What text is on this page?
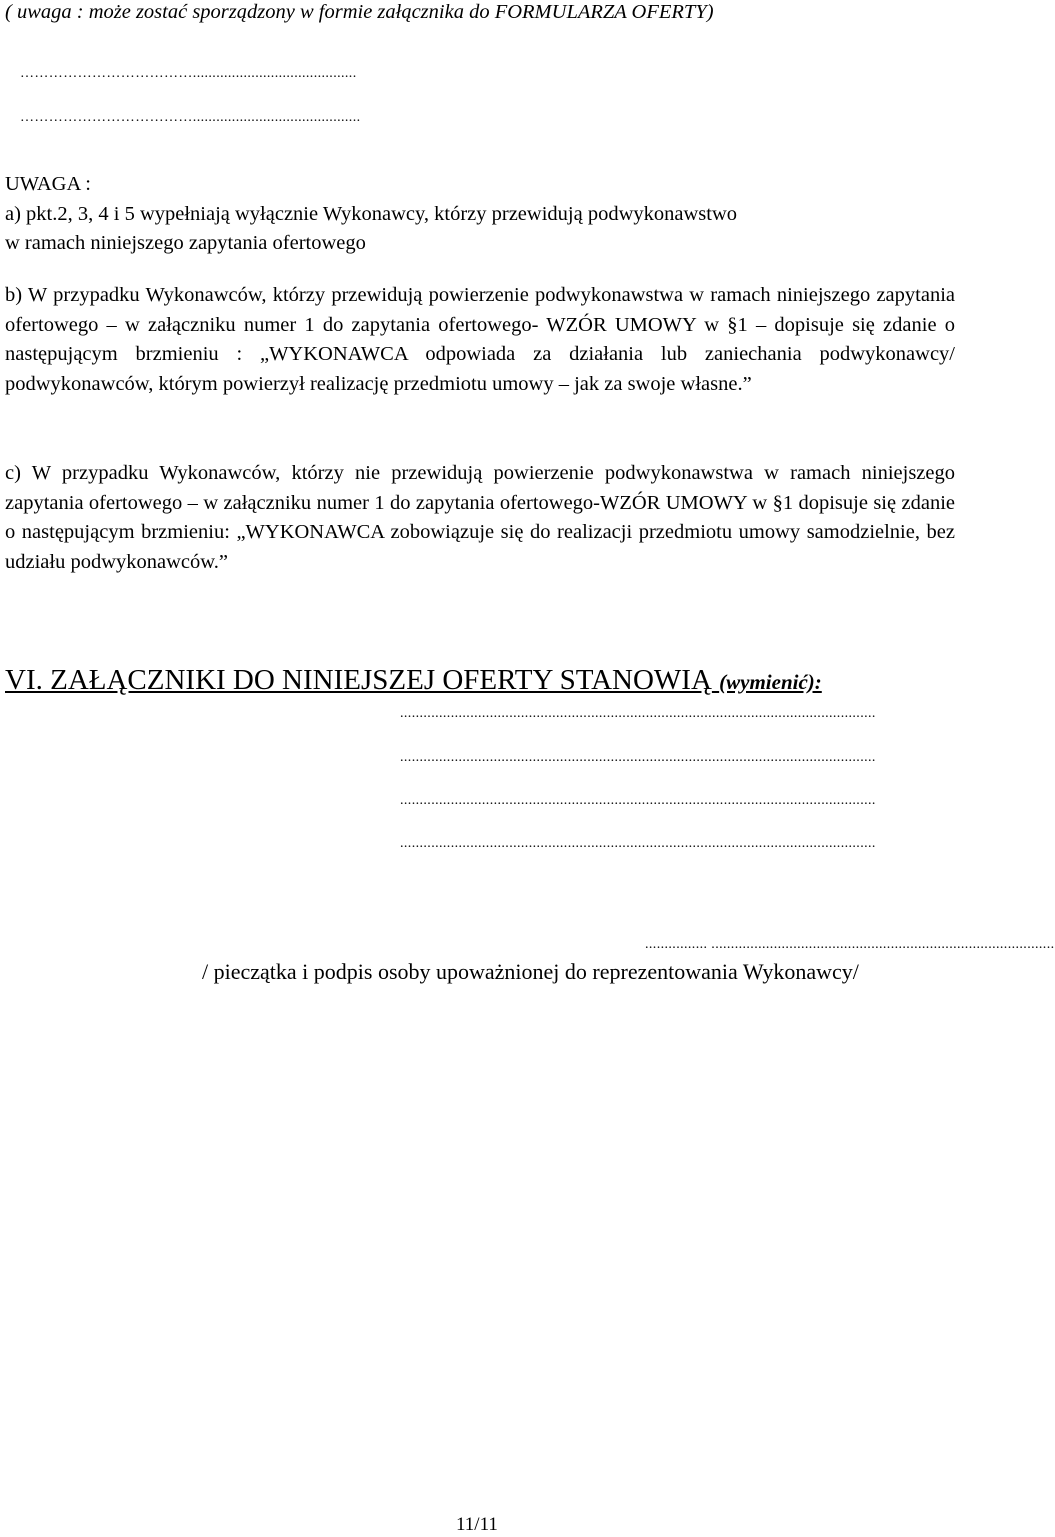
( uwaga : może zostać sporządzony w formie załącznika do FORMULARZA OFERTY)
………………………………..........................................
………………………………...........................................
UWAGA :
a) pkt.2, 3, 4 i 5 wypełniają wyłącznie Wykonawcy, którzy przewidują podwykonawstwo
w ramach niniejszego zapytania ofertowego
b) W przypadku Wykonawców, którzy przewidują powierzenie podwykonawstwa w ramach niniejszego zapytania ofertowego – w załączniku numer 1 do zapytania ofertowego- WZÓR UMOWY w §1 – dopisuje się zdanie o następującym brzmieniu : „WYKONAWCA odpowiada za działania lub zaniechania podwykonawcy/ podwykonawców, którym powierzył realizację przedmiotu umowy – jak za swoje własne.”
c) W przypadku Wykonawców, którzy nie przewidują powierzenie podwykonawstwa w ramach niniejszego zapytania ofertowego – w załączniku numer 1 do zapytania ofertowego-WZÓR UMOWY w §1 dopisuje się zdanie o następującym brzmieniu: „WYKONAWCA zobowiązuje się do realizacji przedmiotu umowy samodzielnie, bez udziału podwykonawców.”
VI. ZAŁĄCZNIKI DO NINIEJSZEJ OFERTY STANOWIĄ (wymienić):
..........................................................................................................................
..........................................................................................................................
..........................................................................................................................
..........................................................................................................................
................ ........................................................................................
/ pieczątka i podpis osoby upoważnionej do reprezentowania Wykonawcy/
11/11
